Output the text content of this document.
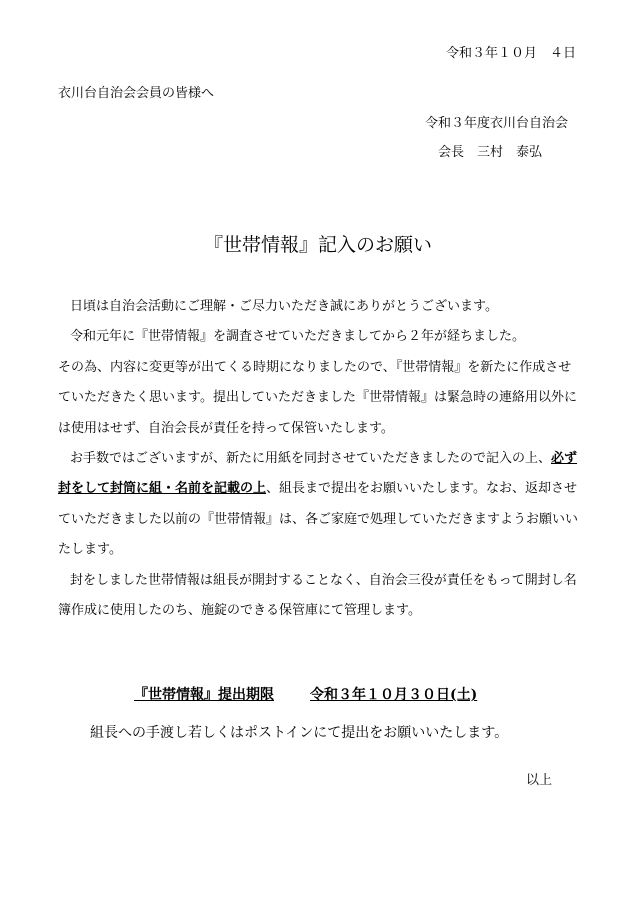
令和３年１０月　４日
衣川台自治会会員の皆様へ
令和３年度衣川台自治会
会長　三村　泰弘
『世帯情報』記入のお願い
日頃は自治会活動にご理解・ご尽力いただき誠にありがとうございます。
令和元年に『世帯情報』を調査させていただきましてから２年が経ちました。
その為、内容に変更等が出てくる時期になりましたので、『世帯情報』を新たに作成させ
ていただきたく思います。提出していただきました『世帯情報』は緊急時の連絡用以外に
は使用はせず、自治会長が責任を持って保管いたします。
お手数ではございますが、新たに用紙を同封させていただきましたので記入の上、必ず
封をして封筒に組・名前を記載の上、組長まで提出をお願いいたします。なお、返却させ
ていただきました以前の『世帯情報』は、各ご家庭で処理していただきますようお願いい
たします。
封をしました世帯情報は組長が開封することなく、自治会三役が責任をもって開封し名
簿作成に使用したのち、施錠のできる保管庫にて管理します。
『世帯情報』提出期限	令和３年１０月３０日(土)
組長への手渡し若しくはポストインにて提出をお願いいたします。
以上
